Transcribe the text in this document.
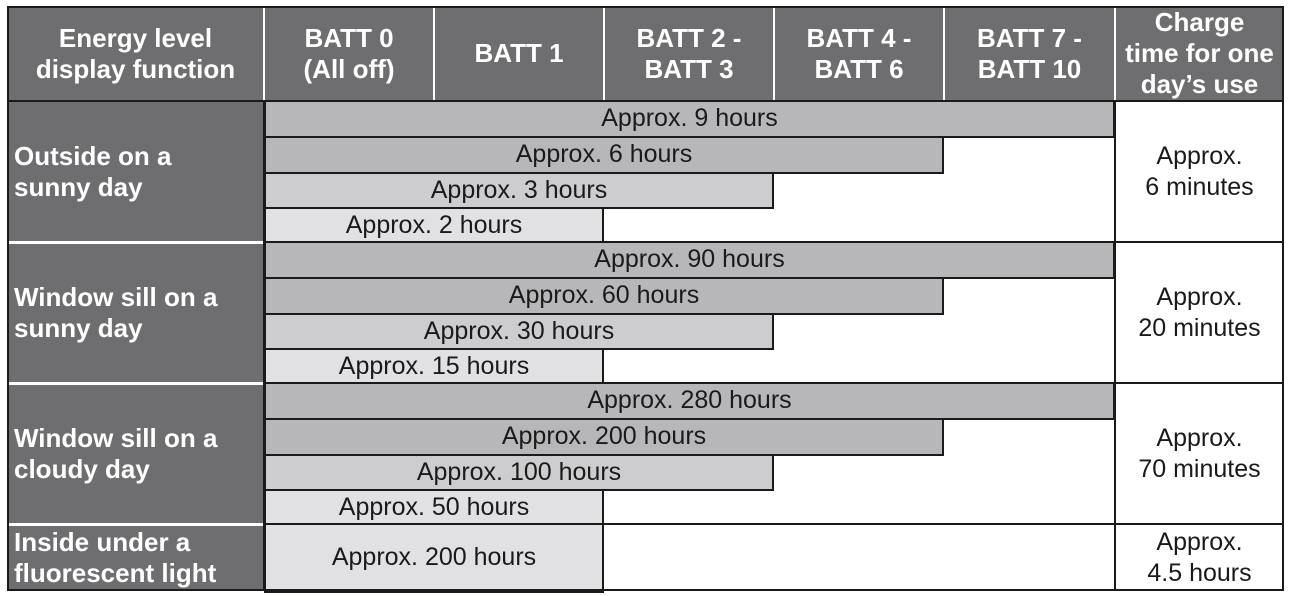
Energy level
display function
BATT 0
(All off)
BATT 1
BATT 2 -
BATT 3
BATT 4 -
BATT 6
BATT 7 -
BATT 10
Charge
time for one
day’s use
Outside on a
sunny day
Approx.
6 minutes
Approx. 9 hours
Approx. 6 hours
Approx. 3 hours
Approx. 2 hours
Window sill on a
sunny day
Approx.
20 minutes
Approx. 90 hours
Approx. 60 hours
Approx. 30 hours
Approx. 15 hours
Window sill on a
cloudy day
Approx.
70 minutes
Approx. 280 hours
Approx. 200 hours
Approx. 100 hours
Approx. 50 hours
Inside under a
fluorescent light
Approx.
4.5 hours
Approx. 200 hours
